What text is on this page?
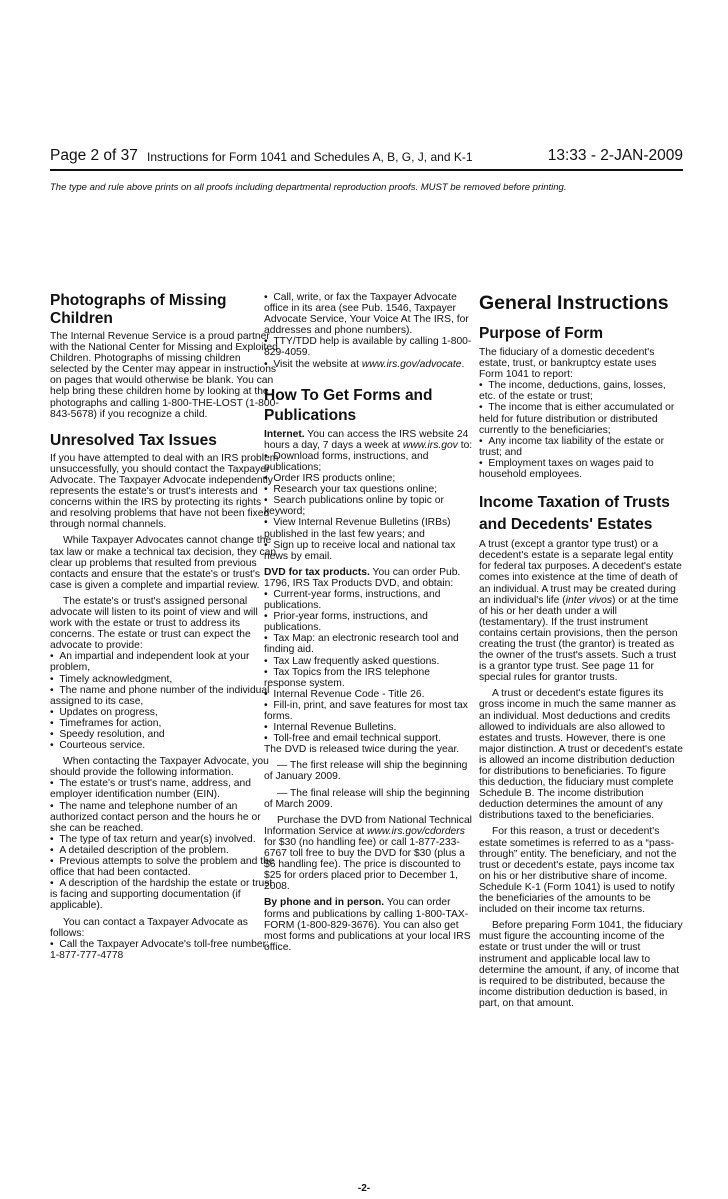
Page 2 of 37 Instructions for Form 1041 and Schedules A, B, G, J, and K-1	13:33 - 2-JAN-2009
The type and rule above prints on all proofs including departmental reproduction proofs. MUST be removed before printing.
Photographs of Missing Children

The Internal Revenue Service is a proud partner with the National Center for Missing and Exploited Children. Photographs of missing children selected by the Center may appear in instructions on pages that would otherwise be blank. You can help bring these children home by looking at the photographs and calling 1-800-THE-LOST (1-800-843-5678) if you recognize a child.

Unresolved Tax Issues

If you have attempted to deal with an IRS problem unsuccessfully, you should contact the Taxpayer Advocate. The Taxpayer Advocate independently represents the estate's or trust's interests and concerns within the IRS by protecting its rights and resolving problems that have not been fixed through normal channels.

While Taxpayer Advocates cannot change the tax law or make a technical tax decision, they can clear up problems that resulted from previous contacts and ensure that the estate's or trust's case is given a complete and impartial review.

The estate's or trust's assigned personal advocate will listen to its point of view and will work with the estate or trust to address its concerns. The estate or trust can expect the advocate to provide:

•  An impartial and independent look at your problem,

•  Timely acknowledgment,

•  The name and phone number of the individual assigned to its case,

•  Updates on progress,

•  Timeframes for action,

•  Speedy resolution, and

•  Courteous service.

When contacting the Taxpayer Advocate, you should provide the following information.

•  The estate's or trust's name, address, and employer identification number (EIN).

•  The name and telephone number of an authorized contact person and the hours he or she can be reached.

•  The type of tax return and year(s) involved.

•  A detailed description of the problem.

•  Previous attempts to solve the problem and the office that had been contacted.

•  A description of the hardship the estate or trust is facing and supporting documentation (if applicable).

You can contact a Taxpayer Advocate as follows:

•  Call the Taxpayer Advocate's toll-free number: 1-877-777-4778

•  Call, write, or fax the Taxpayer Advocate office in its area (see Pub. 1546, Taxpayer Advocate Service, Your Voice At The IRS, for addresses and phone numbers).

•  TTY/TDD help is available by calling 1-800-829-4059.

•  Visit the website at www.irs.gov/advocate.

How To Get Forms and Publications

Internet. You can access the IRS website 24 hours a day, 7 days a week at www.irs.gov to:

•  Download forms, instructions, and publications;

•  Order IRS products online;

•  Research your tax questions online;

•  Search publications online by topic or keyword;

•  View Internal Revenue Bulletins (IRBs) published in the last few years; and

•  Sign up to receive local and national tax news by email.

DVD for tax products. You can order Pub. 1796, IRS Tax Products DVD, and obtain:

•  Current-year forms, instructions, and publications.

•  Prior-year forms, instructions, and publications.

•  Tax Map: an electronic research tool and finding aid.

•  Tax Law frequently asked questions.

•  Tax Topics from the IRS telephone response system.

•  Internal Revenue Code - Title 26.

•  Fill-in, print, and save features for most tax forms.

•  Internal Revenue Bulletins.

•  Toll-free and email technical support.

The DVD is released twice during the year.

— The first release will ship the beginning of January 2009.

— The final release will ship the beginning of March 2009.

Purchase the DVD from National Technical Information Service at www.irs.gov/cdorders for $30 (no handling fee) or call 1-877-233-6767 toll free to buy the DVD for $30 (plus a $6 handling fee). The price is discounted to $25 for orders placed prior to December 1, 2008.

By phone and in person. You can order forms and publications by calling 1-800-TAX-FORM (1-800-829-3676). You can also get most forms and publications at your local IRS office.

General Instructions
Purpose of Form

The fiduciary of a domestic decedent's estate, trust, or bankruptcy estate uses Form 1041 to report:

•  The income, deductions, gains, losses, etc. of the estate or trust;

•  The income that is either accumulated or held for future distribution or distributed currently to the beneficiaries;

•  Any income tax liability of the estate or trust; and

•  Employment taxes on wages paid to household employees.

Income Taxation of Trusts and Decedents' Estates

A trust (except a grantor type trust) or a decedent's estate is a separate legal entity for federal tax purposes. A decedent's estate comes into existence at the time of death of an individual. A trust may be created during an individual's life (inter vivos) or at the time of his or her death under a will (testamentary). If the trust instrument contains certain provisions, then the person creating the trust (the grantor) is treated as the owner of the trust's assets. Such a trust is a grantor type trust. See page 11 for special rules for grantor trusts.

A trust or decedent's estate figures its gross income in much the same manner as an individual. Most deductions and credits allowed to individuals are also allowed to estates and trusts. However, there is one major distinction. A trust or decedent's estate is allowed an income distribution deduction for distributions to beneficiaries. To figure this deduction, the fiduciary must complete Schedule B. The income distribution deduction determines the amount of any distributions taxed to the beneficiaries.

For this reason, a trust or decedent's estate sometimes is referred to as a “pass-through” entity. The beneficiary, and not the trust or decedent's estate, pays income tax on his or her distributive share of income. Schedule K-1 (Form 1041) is used to notify the beneficiaries of the amounts to be included on their income tax returns.

Before preparing Form 1041, the fiduciary must figure the accounting income of the estate or trust under the will or trust instrument and applicable local law to determine the amount, if any, of income that is required to be distributed, because the income distribution deduction is based, in part, on that amount.

-2-
